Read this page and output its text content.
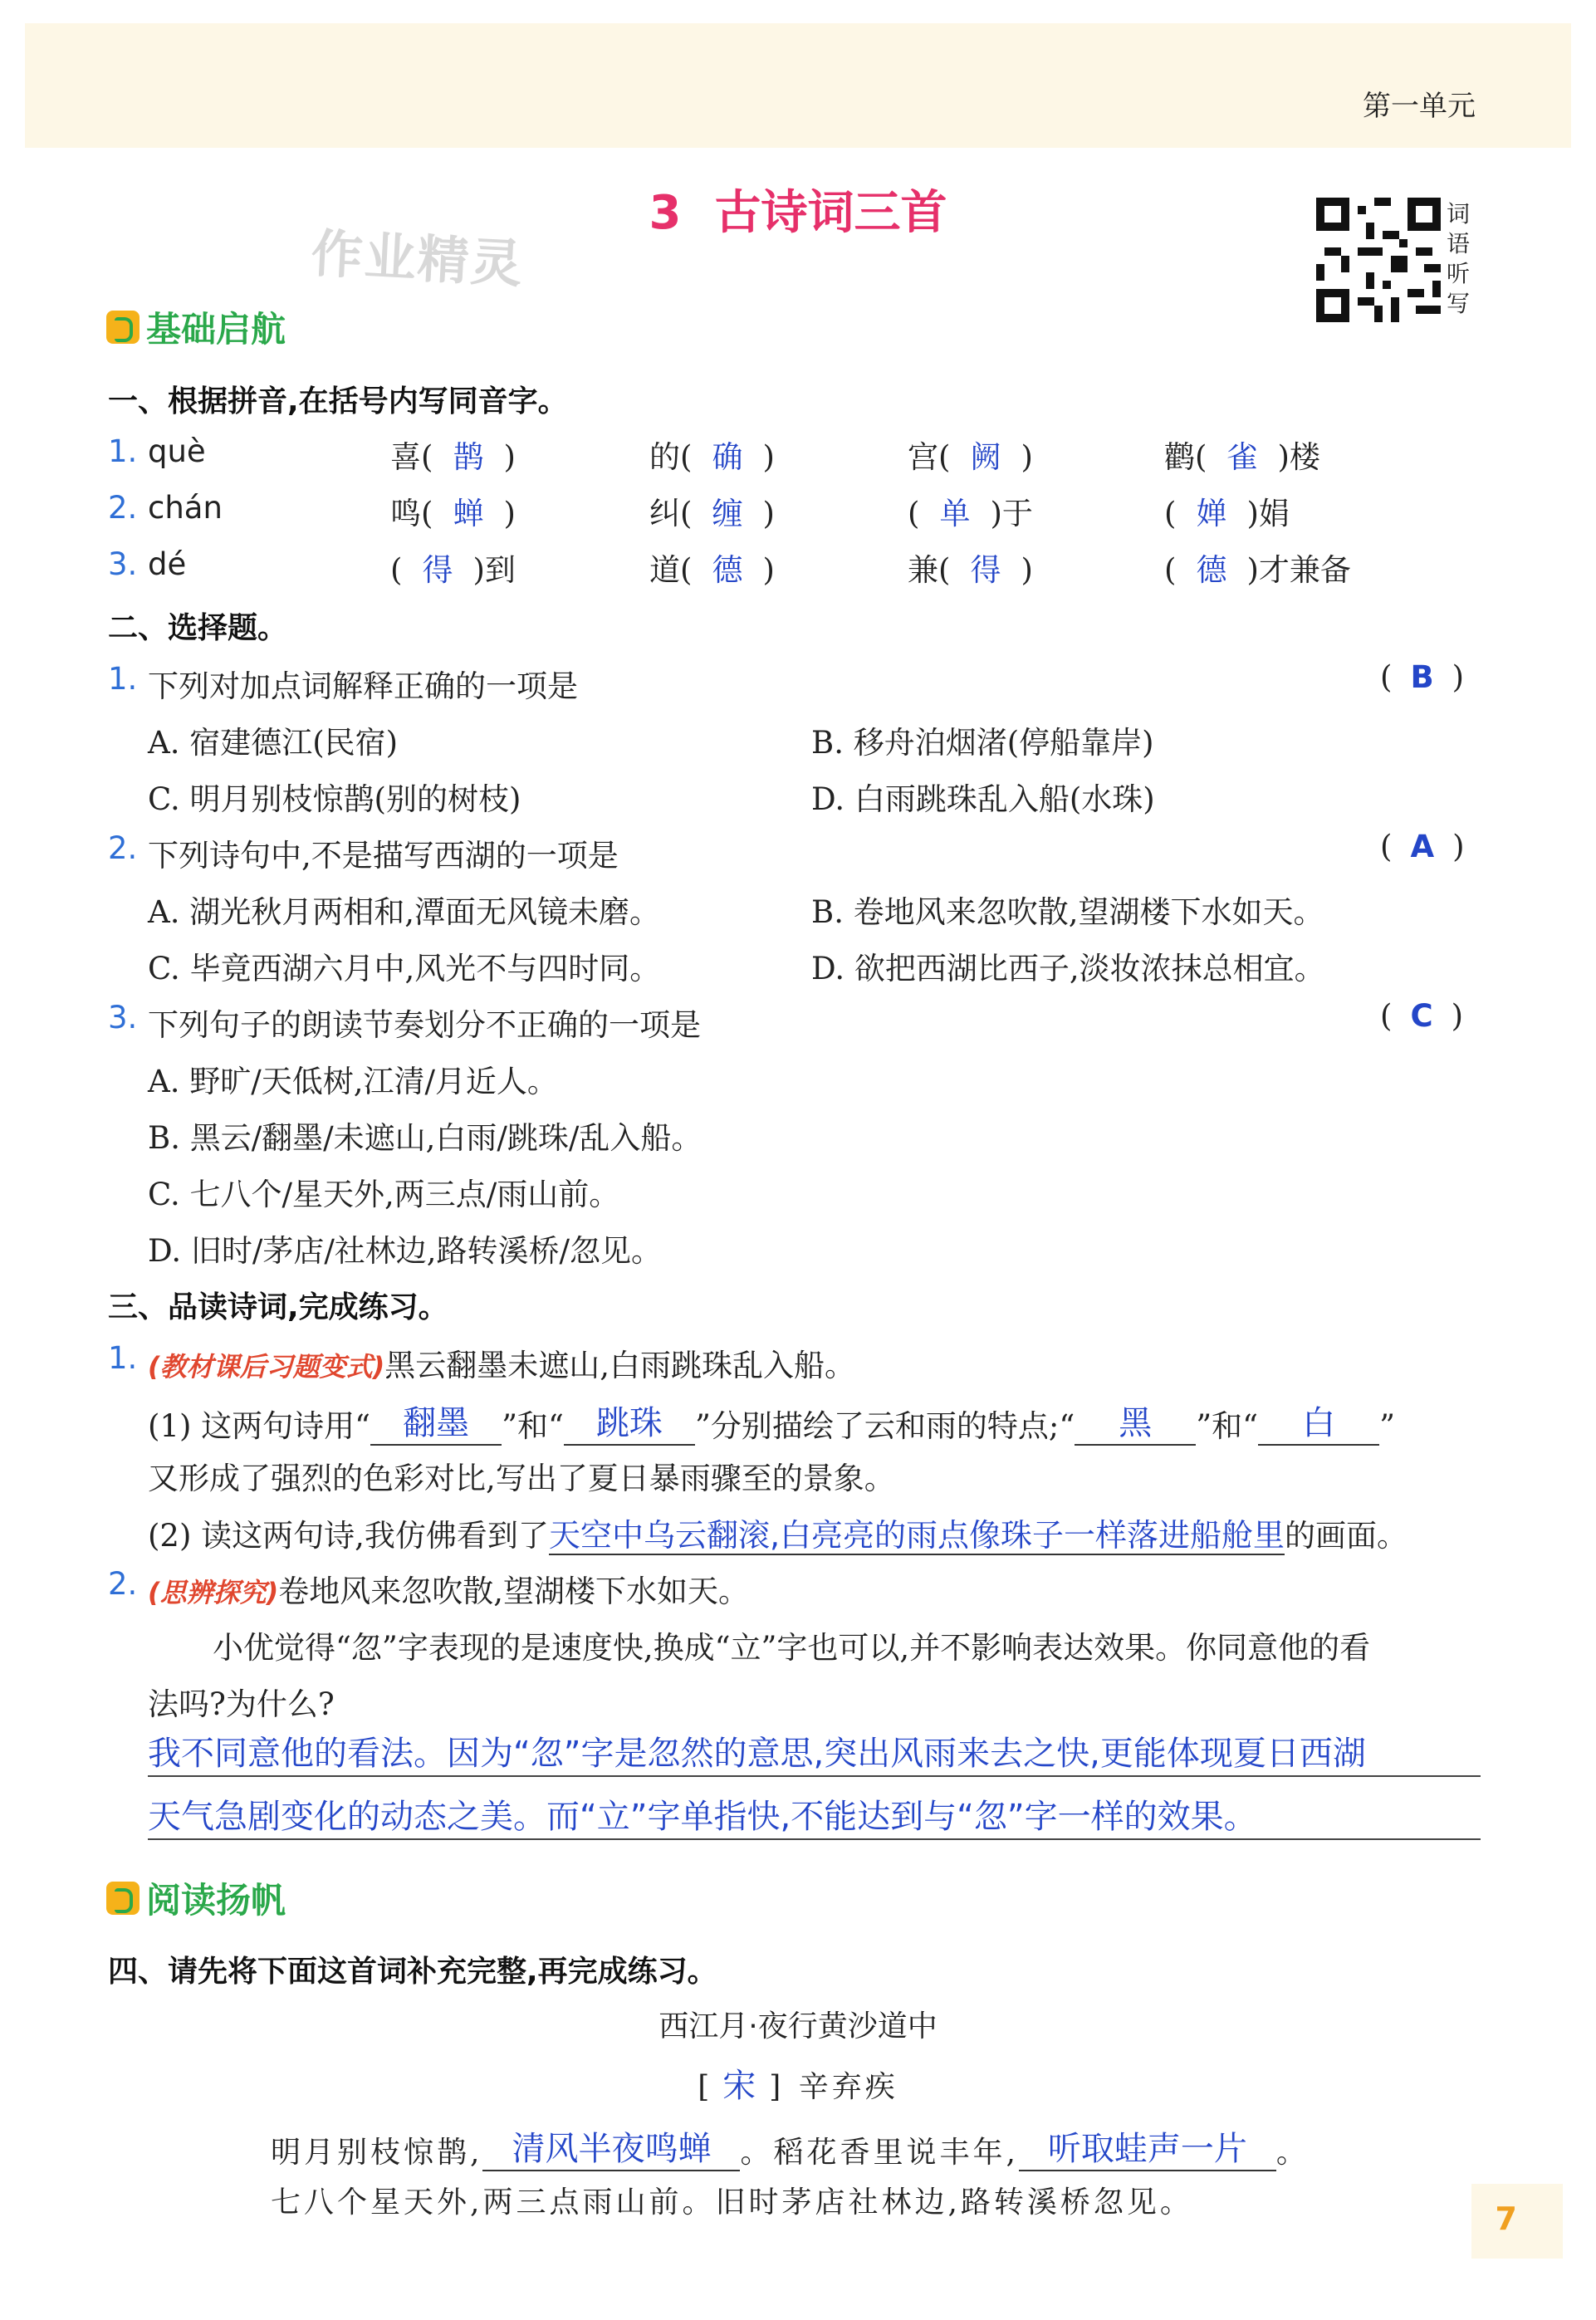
第一单元
3 古诗词三首
作业精灵
词语听写
基础启航
一、根据拼音,在括号内写同音字。
1. què	喜( 鹊 )	的( 确 )	宫( 阙 )	鹳( 雀 )楼
2. chán	鸣( 蝉 )	纠( 缠 )	( 单 )于	( 婵 )娟
3. dé	( 得 )到	道( 德 )	兼( 得 )	( 德 )才兼备
二、选择题。
1. 下列对加点词解释正确的一项是	( B )
A. 宿建德江(民宿)	B. 移舟泊烟渚(停船靠岸)
C. 明月别枝惊鹊(别的树枝)	D. 白雨跳珠乱入船(水珠)
2. 下列诗句中,不是描写西湖的一项是	( A )
A. 湖光秋月两相和,潭面无风镜未磨。	B. 卷地风来忽吹散,望湖楼下水如天。
C. 毕竟西湖六月中,风光不与四时同。	D. 欲把西湖比西子,淡妆浓抹总相宜。
3. 下列句子的朗读节奏划分不正确的一项是	( C )
A. 野旷/天低树,江清/月近人。
B. 黑云/翻墨/未遮山,白雨/跳珠/乱入船。
C. 七八个/星天外,两三点/雨山前。
D. 旧时/茅店/社林边,路转溪桥/忽见。
三、品读诗词,完成练习。
1. (教材课后习题变式)黑云翻墨未遮山,白雨跳珠乱入船。
(1) 这两句诗用“ 翻墨 ”和“ 跳珠 ”分别描绘了云和雨的特点;“ 黑 ”和“ 白 ”
又形成了强烈的色彩对比,写出了夏日暴雨骤至的景象。
(2) 读这两句诗,我仿佛看到了天空中乌云翻滚,白亮亮的雨点像珠子一样落进船舱里的画面。
2. (思辨探究)卷地风来忽吹散,望湖楼下水如天。
小优觉得“忽”字表现的是速度快,换成“立”字也可以,并不影响表达效果。你同意他的看
法吗?为什么?
我不同意他的看法。因为“忽”字是忽然的意思,突出风雨来去之快,更能体现夏日西湖
天气急剧变化的动态之美。而“立”字单指快,不能达到与“忽”字一样的效果。
阅读扬帆
四、请先将下面这首词补充完整,再完成练习。
西江月·夜行黄沙道中
[ 宋 ] 辛弃疾
明月别枝惊鹊, 清风半夜鸣蝉 。稻花香里说丰年, 听取蛙声一片 。
七八个星天外,两三点雨山前。旧时茅店社林边,路转溪桥忽见。	7
